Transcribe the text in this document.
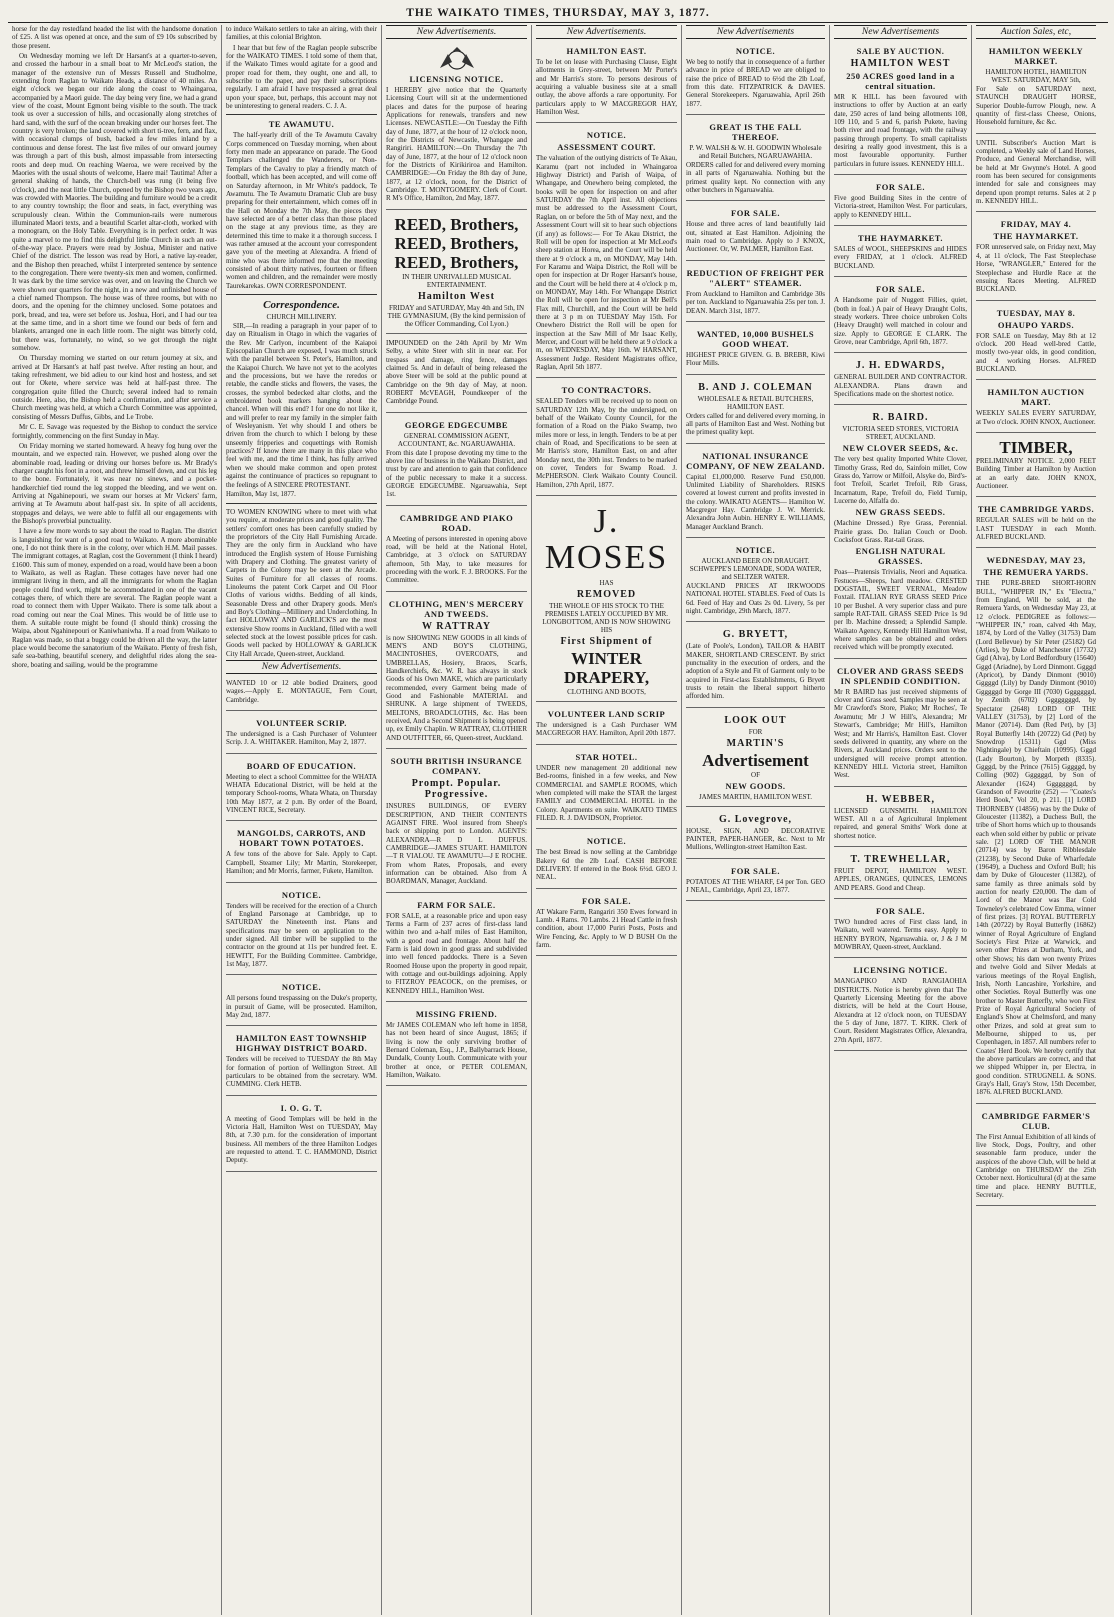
THE WAIKATO TIMES, THURSDAY, MAY 3, 1877.

horse for the day restedfand headed the list with the handsome donation of £25. A list was opened at once, and the sum of £9 10s subscribed by those present.

On Wednesday morning we left Dr Harsant's at a quarter-to-seven, and crossed the harbour in a small boat to Mr McLeod's station, the manager of the extensive run of Messrs Russell and Studholme, extending from Raglan to Waikato Heads, a distance of 40 miles. An eight o'clock we began our ride along the coast to Whaingaroa, accompanied by a Maori guide. The day being very fine, we had a grand view of the coast, Mount Egmont being visible to the south. The track took us over a succession of hills, and occasionally along stretches of hard sand, with the surf of the ocean breaking under our horses feet. The country is very broken; the land covered with short ti-tree, fern, and flax, with occasional clumps of bush, backed a few miles inland by a continuous and dense forest. The last five miles of our onward journey was through a part of this bush, almost impassable from intersecting roots and deep mud. On reaching Waeroa, we were received by the Maories with the usual shouts of welcome, Haere mai! Tautima! After a general shaking of hands, the Church-bell was rung (it being five o'clock), and the neat little Church, opened by the Bishop two years ago, was crowded with Maories. The building and furniture would be a credit to any country township; the floor and seats, in fact, everything was scrupulously clean. Within the Communion-rails were numerous illuminated Maori texts, and a beautiful Scarlet altar-cloth, worked with a monogram, on the Holy Table. Everything is in perfect order. It was quite a marvel to me to find this delightful little Church in such an out-of-the-way place. Prayers were read by Joshua, Minister and native Chief of the district. The lesson was read by Hori, a native lay-reader, and the Bishop then preached, whilst I interpreted sentence by sentence to the congregation. There were twenty-six men and women, confirmed. It was dark by the time service was over, and on leaving the Church we were shown our quarters for the night, in a new and unfinished house of a chief named Thompson. The house was of three rooms, but with no doors, and the opening for the chimney unclosed. Some potatoes and pork, bread, and tea, were set before us. Joshua, Hori, and I had our tea at the same time, and in a short time we found our beds of fern and blankets, arranged one in each little room. The night was bitterly cold, but there was, fortunately, no wind, so we got through the night somehow.

On Thursday morning we started on our return journey at six, and arrived at Dr Harsant's at half past twelve. After resting an hour, and taking refreshment, we bid adieu to our kind host and hostess, and set out for Okete, where service was held at half-past three. The congregation quite filled the Church; several indeed had to remain outside. Here, also, the Bishop held a confirmation, and after service a Church meeting was held, at which a Church Committee was appointed, consisting of Messrs Duffus, Gibbs, and Le Trobe.

Mr C. E. Savage was requested by the Bishop to conduct the service fortnightly, commencing on the first Sunday in May.

On Friday morning we started homeward. A heavy fog hung over the mountain, and we expected rain. However, we pushed along over the abominable road, leading or driving our horses before us. Mr Brady's charger caught his foot in a root, and threw himself down, and cut his leg to the bone. Fortunately, it was near no sinews, and a pocket-handkerchief tied round the leg stopped the bleeding, and we went on. Arriving at Ngahinepouri, we swam our horses at Mr Vickers' farm, arriving at Te Awamutu about half-past six. In spite of all accidents, stoppages and delays, we were able to fulfil all our engagements with the Bishop's proverbial punctuality.

I have a few more words to say about the road to Raglan. The district is languishing for want of a good road to Waikato. A more abominable one, I do not think there is in the colony, over which H.M. Mail passes. The immigrant cottages, at Raglan, cost the Government (I think I heard) £1600. This sum of money, expended on a road, would have been a boon to Waikato, as well as Raglan. These cottages have never had one immigrant living in them, and all the immigrants for whom the Raglan people could find work, might be accommodated in one of the vacant cottages there, of which there are several. The Raglan people want a road to connect them with Upper Waikato. There is some talk about a road coming out near the Coal Mines. This would be of little use to them. A suitable route might be found (I should think) crossing the Waipa, about Ngahinepouri or Kaniwhaniwha. If a road from Waikato to Raglan was made, so that a buggy could be driven all the way, the latter place would become the sanatorium of the Waikato. Plenty of fresh fish, safe sea-bathing, beautiful scenery, and delightful rides along the sea-shore, boating and sailing, would be the programme

to induce Waikato settlers to take an airing, with their families, at this colonial Brighton.

I hear that but few of the Raglan people subscribe for the WAIKATO TIMES. I told some of them that, if the Waikato Times would agitate for a good and proper road for them, they ought, one and all, to subscribe to the paper, and pay their subscriptions regularly. I am afraid I have trespassed a great deal upon your space, but, perhaps, this account may not be uninteresting to general readers. C. J. A.

TE AWAMUTU.

The half-yearly drill of the Te Awamutu Cavalry Corps commenced on Tuesday morning, when about forty men made an appearance on parade. The Good Templars challenged the Wanderers, or Non-Templars of the Cavalry to play a friendly match of football, which has been accepted, and will come off on Saturday afternoon, in Mr White's paddock, Te Awamutu. The Te Awamutu Dramatic Club are busy preparing for their entertainment, which comes off in the Hall on Monday the 7th May, the pieces they have selected are of a better class than those placed on the stage at any previous time, as they are determined this time to make it a thorough success. I was rather amused at the account your correspondent gave you of the meeting at Alexandra. A friend of mine who was there informed me that the meeting consisted of about thirty natives, fourteen or fifteen women and children, and the remainder were mostly Taurekarekas. OWN CORRESPONDENT.

Correspondence.
CHURCH MILLINERY.

SIR,—In reading a paragraph in your paper of to day on Ritualism in Otago in which the vagaries of the Rev. Mr Carlyon, incumbent of the Kaiapoi Episcopalian Church are exposed, I was much struck with the parallel between St. Peter's, Hamilton, and the Kaiapoi Church. We have not yet to the acolytes and the processions, but we have the reredos or retable, the candle sticks and flowers, the vases, the crosses, the symbol bedecked altar cloths, and the embroidered book markers hanging about the chancel. When will this end? I for one do not like it, and will prefer to rear my family in the simpler faith of Wesleyanism. Yet why should I and others be driven from the church to which I belong by these unseemly fripperies and coquettings with Romish practices? If know there are many in this place who feel with me, and the time I think, has fully arrived when we should make common and open protest against the continuance of practices so repugnant to the feelings of A SINCERE PROTESTANT.

Hamilton, May 1st, 1877.

TO WOMEN KNOWING where to meet with what you require, at moderate prices and good quality. The settlers' comfort ones has been carefully studied by the proprietors of the City Hall Furnishing Arcade. They are the only firm in Auckland who have introduced the English system of House Furnishing with Drapery and Clothing. The greatest variety of Carpets in the Colony may be seen at the Arcade. Suites of Furniture for all classes of rooms. Linoleums the patent Cork Carpet and Oil Floor Cloths of various widths. Bedding of all kinds, Seasonable Dress and other Drapery goods. Men's and Boy's Clothing—Millinery and Underclothing. In fact HOLLOWAY AND GARLICK'S are the most extensive Show rooms in Auckland, filled with a well selected stock at the lowest possible prices for cash. Goods well packed by HOLLOWAY & GARLICK City Hall Arcade, Queen-street, Auckland.

New Advertisements.

WANTED 10 or 12 able bodied Drainers, good wages.—Apply E. MONTAGUE, Fern Court, Cambridge.

VOLUNTEER SCRIP.

The undersigned is a Cash Purchaser of Volunteer Scrip. J. A. WHITAKER. Hamilton, May 2, 1877.

BOARD OF EDUCATION.

Meeting to elect a school Committee for the WHATA WHATA Educational District, will be held at the temporary School-rooms, Whata Whata, on Thursday 10th May 1877, at 2 p.m. By order of the Board, VINCENT RICE, Secretary.

MANGOLDS, CARROTS, AND HOBART TOWN POTATOES.

A few tons of the above for Sale. Apply to Capt. Campbell, Steamer Lily; Mr Martin, Storekeeper, Hamilton; and Mr Morris, farmer, Fukete, Hamilton.

NOTICE.

Tenders will be received for the erection of a Church of England Parsonage at Cambridge, up to SATURDAY the Nineteenth inst. Plans and specifications may be seen on application to the under signed. All timber will be supplied to the contractor on the ground at 11s per hundred feet. E. HEWITT, For the Building Committee. Cambridge, 1st May, 1877.

NOTICE.

All persons found trespassing on the Duke's property, in pursuit of Game, will be prosecuted. Hamilton, May 2nd, 1877.

HAMILTON EAST TOWNSHIP HIGHWAY DISTRICT BOARD.

Tenders will be received to TUESDAY the 8th May for formation of portion of Wellington Street. All particulars to be obtained from the secretary. WM. CUMMING. Clerk HETB.

I. O. G. T.

A meeting of Good Templars will be held in the Victoria Hall, Hamilton West on TUESDAY, May 8th, at 7.30 p.m. for the consideration of important business. All members of the three Hamilton Lodges are requested to attend. T. C. HAMMOND, District Deputy.

New Advertisements.
LICENSING NOTICE.

I HEREBY give notice that the Quarterly Licensing Court will sit at the undermentioned places and dates for the purpose of hearing Applications for renewals, transfers and new Licenses. NEWCASTLE:—On Tuesday the Fifth day of June, 1877, at the hour of 12 o'clock noon, for the Districts of Newcastle, Whangape and Rangiriri. HAMILTON:—On Thursday the 7th day of June, 1877, at the hour of 12 o'clock noon for the Districts of Kirikiriroa and Hamilton. CAMBRIDGE:—On Friday the 8th day of June, 1877, at 12 o'clock, noon, for the District of Cambridge. T. MONTGOMERY. Clerk of Court. R M's Office, Hamilton, 2nd May, 1877.

REED, Brothers,
REED, Brothers,
REED, Brothers,
IN THEIR UNRIVALLED MUSICAL ENTERTAINMENT.
Hamilton West
FRIDAY and SATURDAY, May 4th and 5th, IN THE GYMNASIUM, (By the kind permission of the Officer Commanding, Col Lyon.)

IMPOUNDED on the 24th April by Mr Wm Selby, a white Steer with slit in near ear. For trespass and damage, ring fence, damages claimed 5s. And in default of being released the above Steer will be sold at the public pound at Cambridge on the 9th day of May, at noon. ROBERT McVEAGH, Poundkeeper of the Cambridge Pound.

GEORGE EDGECUMBE
GENERAL COMMISSION AGENT, ACCOUNTANT, &c. NGARUAWAHIA.

From this date I propose devoting my time to the above line of business in the Waikato District, and trust by care and attention to gain that confidence of the public necessary to make it a success. GEORGE EDGECUMBE. Ngaruawahia, Sept 1st.

CAMBRIDGE AND PIAKO ROAD.

A Meeting of persons interested in opening above road, will be held at the National Hotel, Cambridge, at 3 o'clock on SATURDAY afternoon, 5th May, to take measures for proceeding with the work. F. J. BROOKS. For the Committee.

CLOTHING, MEN'S MERCERY AND TWEEDS.
W RATTRAY

is now SHOWING NEW GOODS in all kinds of MEN'S AND BOY'S CLOTHING, MACINTOSHES, OVERCOATS, and UMBRELLAS, Hosiery, Braces, Scarfs, Handkerchiefs, &c. W. R. has always in stock Goods of his Own MAKE, which are particularly recommended, every Garment being made of Good and Fashionable MATERIAL and SHRUNK. A large shipment of TWEEDS, MELTONS, BROADCLOTHS, &c. Has been received, And a Second Shipment is being opened up, ex Emily Chaplin. W RATTRAY, CLOTHIER AND OUTFITTER, 66, Queen-street, Auckland.

SOUTH BRITISH INSURANCE COMPANY.
Prompt. Popular. Progressive.

INSURES BUILDINGS, OF EVERY DESCRIPTION, AND THEIR CONTENTS AGAINST FIRE. Wool insured from Sheep's back or shipping port to London. AGENTS: ALEXANDRA—R D L DUFFUS. CAMBRIDGE—JAMES STUART. HAMILTON—T R VIALOU. TE AWAMUTU—J E ROCHE. From whom Rates, Proposals, and every information can be obtained. Also from A BOARDMAN, Manager, Auckland.

FARM FOR SALE.

FOR SALE, at a reasonable price and upon easy Terms a Farm of 237 acres of first-class land within two and a-half miles of East Hamilton, with a good road and frontage. About half the Farm is laid down in good grass and subdivided into well fenced paddocks. There is a Seven Roomed House upon the property in good repair, with cottage and out-buildings adjoining. Apply to FITZROY PEACOCK, on the premises, or KENNEDY HILL, Hamilton West.

MISSING FRIEND.

Mr JAMES COLEMAN who left home in 1858, has not been heard of since August, 1865; if living is now the only surviving brother of Bernard Coleman, Esq., J.P., Ballybarrack House, Dundalk, County Louth. Communicate with your brother at once, or PETER COLEMAN, Hamilton, Waikato.

New Advertisements.
HAMILTON EAST.

To be let on lease with Purchasing Clause, Eight allotments in Grey-street, between Mr Porter's and Mr Harris's store. To persons desirous of acquiring a valuable business site at a small outlay, the above affords a rare opportunity. For particulars apply to W MACGREGOR HAY, Hamilton West.

NOTICE.
ASSESSMENT COURT.

The valuation of the outlying districts of Te Akau, Karamu (part not included in Whaingaroa Highway District) and Parish of Waipa, of Whangape, and Onewhero being completed, the books will be open for inspection on and after SATURDAY the 7th April inst. All objections must be addressed to the Assessment Court, Raglan, on or before the 5th of May next, and the Assessment Court will sit to hear such objections (if any) as follows:— For Te Akau District, the Roll will be open for inspection at Mr McLeod's sheep station at Horea, and the Court will be held there at 9 o'clock a m, on MONDAY, May 14th. For Karamu and Waipa District, the Roll will be open for inspection at Dr Roger Harsant's house, and the Court will be held there at 4 o'clock p m, on MONDAY, May 14th. For Whangape District the Roll will be open for inspection at Mr Bell's Flax mill, Churchill, and the Court will be held there at 3 p m on TUESDAY May 15th. For Onewhero District the Roll will be open for inspection at the Saw Mill of Mr Isaac Kelly, Mercer, and Court will be held there at 9 o'clock a m, on WEDNESDAY, May 16th. W HARSANT, Assessment Judge. Resident Magistrates office, Raglan, April 5th 1877.

TO CONTRACTORS.

SEALED Tenders will be received up to noon on SATURDAY 12th May, by the undersigned, on behalf of the Waikato County Council, for the formation of a Road on the Piako Swamp, two miles more or less, in length. Tenders to be at per chain of Road, and Specifications to be seen at Mr Harris's store, Hamilton East, on and after Monday next, the 30th inst. Tenders to be marked on cover, Tenders for Swamp Road. J. McPHERSON. Clerk Waikato County Council. Hamilton, 27th April, 1877.

J. MOSES
HAS
REMOVED
THE WHOLE OF HIS STOCK TO THE PREMISES LATELY OCCUPIED BY MR. LONGBOTTOM, AND IS NOW SHOWING HIS
First Shipment of
WINTER DRAPERY,
CLOTHING AND BOOTS,
VOLUNTEER LAND SCRIP

The undersigned is a Cash Purchaser WM MACGREGOR HAY. Hamilton, April 20th 1877.

STAR HOTEL.

UNDER new management 20 additional new Bed-rooms, finished in a few weeks, and New COMMERCIAL and SAMPLE ROOMS, which when completed will make the STAR the largest FAMILY and COMMERCIAL HOTEL in the Colony. Apartments en suite. WAIKATO TIMES FILED. R. J. DAVIDSON, Proprietor.

NOTICE.

The best Bread is now selling at the Cambridge Bakery 6d the 2lb Loaf. CASH BEFORE DELIVERY. If entered in the Book 6½d. GEO J. NEAL.

FOR SALE.

AT Wakare Farm, Rangariri 350 Ewes forward in Lamb. 4 Rams. 70 Lambs. 21 Head Cattle in fresh condition, about 17,000 Puriri Posts, Posts and Wire Fencing, &c. Apply to W D BUSH On the farm.

New Advertisements
NOTICE.

We beg to notify that in consequence of a further advance in price of BREAD we are obliged to raise the price of BREAD to 6½d the 2lb Loaf, from this date. FITZPATRICK & DAVIES. General Storekeepers. Ngaruawahia, April 26th 1877.

GREAT IS THE FALL THEREOF.
P. W. WALSH & W. H. GOODWIN Wholesale and Retail Butchers, NGARUAWAHIA.

ORDERS called for and delivered every morning in all parts of Ngaruawahia. Nothing but the primest quality kept. No connection with any other butchers in Ngaruawahia.

FOR SALE.

House and three acres of land beautifully laid out, situated at East Hamilton. Adjoining the main road to Cambridge. Apply to J KNOX, Auctioneer. Or, W. PALMER, Hamilton East.

REDUCTION OF FREIGHT PER "ALERT" STEAMER.

From Auckland to Hamilton and Cambridge 30s per ton. Auckland to Ngaruawahia 25s per ton. J. DEAN. March 31st, 1877.

WANTED, 10,000 BUSHELS GOOD WHEAT.

HIGHEST PRICE GIVEN. G. B. BREBR, Kiwi Flour Mills.

B. AND J. COLEMAN
WHOLESALE & RETAIL BUTCHERS, HAMILTON EAST.

Orders called for and delivered every morning, in all parts of Hamilton East and West. Nothing but the primest quality kept.

NATIONAL INSURANCE COMPANY, OF NEW ZEALAND.

Capital £1,000,000. Reserve Fund £50,000. Unlimited Liability of Shareholders. RISKS covered at lowest current and profits invested in the colony. WAIKATO AGENTS— Hamilton W. Macgregor Hay. Cambridge J. W. Merrick. Alexandra John Aubin. HENRY E. WILLIAMS, Manager Auckland Branch.

NOTICE.
AUCKLAND BEER ON DRAUGHT. SCHWEPPE'S LEMONADE, SODA WATER, and SELTZER WATER.

AUCKLAND PRICES AT IRKWOODS NATIONAL HOTEL STABLES. Feed of Oats 1s 6d. Feed of Hay and Oats 2s 0d. Livery, 5s per night. Cambridge, 29th March, 1877.

G. BRYETT,

(Late of Poole's, London), TAILOR & HABIT MAKER, SHORTLAND CRESCENT. By strict punctuality in the execution of orders, and the adoption of a Style and Fit of Garment only to be acquired in First-class Establishments, G Bryett trusts to retain the liberal support hitherto afforded him.

LOOK OUT
FOR
MARTIN'S
Advertisement
OF
NEW GOODS.
JAMES MARTIN, HAMILTON WEST.
G. Lovegrove,

HOUSE, SIGN, AND DECORATIVE PAINTER, PAPER-HANGER, &c. Next to Mr Mullions, Wellington-street Hamilton East.

FOR SALE.

POTATOES AT THE WHARF, £4 per Ton. GEO J NEAL, Cambridge, April 23, 1877.

New Advertisements
SALE BY AUCTION.
HAMILTON WEST
250 ACRES good land in a central situation.

MR K HILL has been favoured with instructions to offer by Auction at an early date, 250 acres of land being allotments 108, 109 110, and 5 and 6, parish Pukete, having both river and road frontage, with the railway passing through property. To small capitalists desiring a really good investment, this is a most favourable opportunity. Further particulars in future issues. KENNEDY HILL.

FOR SALE.

Five good Building Sites in the centre of Victoria-street, Hamilton West. For particulars, apply to KENNEDY HILL.

THE HAYMARKET.

SALES of WOOL, SHEEPSKINS and HIDES every FRIDAY, at 1 o'clock. ALFRED BUCKLAND.

FOR SALE.

A Handsome pair of Nuggett Fillies, quiet, (both in foal.) A pair of Heavy Draught Colts, steady workers. Three choice unbroken Colts (Heavy Draught) well matched in colour and size. Apply to GEORGE E CLARK. The Grove, near Cambridge, April 6th, 1877.

J. H. EDWARDS,

GENERAL BUILDER AND CONTRACTOR. ALEXANDRA. Plans drawn and Specifications made on the shortest notice.

R. BAIRD.
VICTORIA SEED STORES, VICTORIA STREET, AUCKLAND.
NEW CLOVER SEEDS, &c.

The very best quality Imported White Clover, Timothy Grass, Red do, Sainfoin millet, Cow Grass do, Yarrow or Milfoil, Alsyke do, Bird's-foot Trefoil, Scarlet Trefoil, Rib Grass, Incarnatum, Rape, Trefoil do, Field Turnip, Lucerne do, Alfalfa do.

NEW GRASS SEEDS.

(Machine Dressed.) Rye Grass, Perennial. Prairie grass. Do. Italian Couch or Doob. Cocksfoot Grass. Rat-tail Grass.

ENGLISH NATURAL GRASSES.

Poas—Pratensis Trivialis, Neori and Aquatica. Festuces—Sheeps, hard meadow. CRESTED DOGSTAIL, SWEET VERNAL, Meadow Foxtail. ITALIAN RYE GRASS SEED Price 10 per Bushel. A very superior class and pure sample RAT-TAIL GRASS SEED Price 1s 9d per lb. Machine dressed; a Splendid Sample. Waikato Agency, Kennedy Hill Hamilton West, where samples can be obtained and orders received which will be promptly executed.

CLOVER AND GRASS SEEDS IN SPLENDID CONDITION.

Mr R BAIRD has just received shipments of clover and Grass seed. Samples may be seen at Mr Crawford's Store, Piako; Mr Roches', Te Awamutu; Mr J W Hill's, Alexandra; Mr Stewart's, Cambridge; Mr Hill's, Hamilton West; and Mr Harris's, Hamilton East. Clover seeds delivered in quantity, any where on the Rivers, at Auckland prices. Orders sent to the undersigned will receive prompt attention. KENNEDY HILL Victoria street, Hamilton West.

H. WEBBER,

LICENSED GUNSMITH. HAMILTON WEST. All n a of Agricultural Implement repaired, and general Smiths' Work done at shortest notice.

T. TREWHELLAR,

FRUIT DEPOT, HAMILTON WEST. APPLES, ORANGES, QUINCES, LEMONS AND PEARS. Good and Cheap.

FOR SALE.

TWO hundred acres of First class land, in Waikato, well watered. Terms easy. Apply to HENRY BYRON, Ngaruawahia. or, J & J M MOWBRAY, Queen-street, Auckland.

LICENSING NOTICE.

MANGAPIKO AND RANGIAOHIA DISTRICTS. Notice is hereby given that The Quarterly Licensing Meeting for the above districts, will be held at the Court House, Alexandra at 12 o'clock noon, on TUESDAY the 5 day of June, 1877. T. KIRK. Clerk of Court. Resident Magistrates Office, Alexandra, 27th April, 1877.

Auction Sales, etc,
HAMILTON WEEKLY MARKET.
HAMILTON HOTEL, HAMILTON WEST. SATURDAY, MAY 5th,

For Sale on SATURDAY next, STAUNCH DRAUGHT HORSE, Superior Double-furrow Plough, new. A quantity of first-class Cheese, Onions, Household furniture, &c &c.

UNTIL Subscriber's Auction Mart is completed, a Weekly sale of Land Horses, Produce, and General Merchandise, will be held at Mr Gwynne's Hotel. A good room has been secured for consignments intended for sale and consignees may depend upon prompt returns. Sales at 2 p m. KENNEDY HILL.

FRIDAY, MAY 4.
THE HAYMARKET.

FOR unreserved sale, on Friday next, May 4, at 11 o'clock, The Fast Steeplechase Horse, "WRANGLER," Entered for the Steeplechase and Hurdle Race at the ensuing Races Meeting. ALFRED BUCKLAND.

TUESDAY, MAY 8.
OHAUPO YARDS.

FOR SALE on Tuesday, May 8th at 12 o'clock. 200 Head well-bred Cattle, mostly two-year olds, in good condition, and 4 working Horses. ALFRED BUCKLAND.

HAMILTON AUCTION MART.

WEEKLY SALES EVERY SATURDAY, at Two o'clock. JOHN KNOX, Auctioneer.

TIMBER,

PRELIMINARY NOTICE. 2,000 FEET Building Timber at Hamilton by Auction at an early date. JOHN KNOX, Auctioneer.

THE CAMBRIDGE YARDS.

REGULAR SALES will be held on the LAST TUESDAY in each Month. ALFRED BUCKLAND.

WEDNESDAY, MAY 23,
THE REMUERA YARDS.

THE PURE-BRED SHORT-HORN BULL, "WHIPPER IN," Ex "Electra," from England, Will be sold, at the Remuera Yards, on Wednesday May 23, at 12 o'clock. PEDIGREE as follows:— "WHIPPER IN," roan, calved 4th May, 1874, by Lord of the Valley (31753) Dam (Lord Bellevue) by Sir Peter (25182) Gd (Arlies), by Duke of Manchester (17732) Ggd (Alva), by Lord Bedfordbury (15640) Gggd (Ariadne), by Lord Dinmont. Ggggd (Apricot), by Dandy Dinmont (9010) Gggggd (Lily) by Dandy Dinmont (9010) Ggggggd by Gorge III (7030) Gggggggd, by Zenith (6702) Ggggggggd, by Spectator (2648) LORD OF THE VALLEY (31753), by [2] Lord of the Manor (20714). Dam (Red Pet), by [3] Royal Butterfly 14th (20722) Gd (Pet) by Snowdrop (15311) Ggd (Miss Nightingale) by Chieftain (10995). Gggd (Lady Bourton), by Morpeth (8335). Ggggd, by the Prince (7615) Gggggd, by Colling (902) Ggggggd, by Son of Alexander (1624) Gggggggd, by Grandson of Favourite (252) — "Coates's Herd Book," Vol 20, p 211. [1] LORD THORNEBY (14856) was by the Duke of Gloucester (11382), a Duchess Bull, the tribe of Short horns which up to thousands each when sold either by public or private sale. [2] LORD OF THE MANOR (20714) was by Baron Ribblesdale (21238), by Second Duke of Wharfedale (19649), a Duchess and Oxford Bull; his dam by Duke of Gloucester (11382), of same family as three animals sold by auction for nearly £20,000. The dam of Lord of the Manor was Bar Cold Towneley's celebrated Cow Emma, winner of first prizes. [3] ROYAL BUTTERFLY 14th (20722) by Royal Butterfly (16862) winner of Royal Agriculture of England Society's First Prize at Warwick, and seven other Prizes at Durham, York, and other Shows; his dam won twenty Prizes and twelve Gold and Silver Medals at various meetings of the Royal English, Irish, North Lancashire, Yorkshire, and other Societies. Royal Butterfly was one brother to Master Butterfly, who won First Prize of Royal Agricultural Society of England's Show at Chelmsford, and many other Prizes, and sold at great sum to Melbourne, shipped to us, per Copenhagen, in 1857. All numbers refer to Coates' Herd Book. We hereby certify that the above particulars are correct, and that we shipped Whipper in, per Electra, in good condition. STRUGNELL & SONS. Gray's Hall, Gray's Stow, 15th December, 1876. ALFRED BUCKLAND.

CAMBRIDGE FARMER'S CLUB.

The First Annual Exhibition of all kinds of live Stock, Dogs, Poultry, and other seasonable farm produce, under the auspices of the above Club, will be held at Cambridge on THURSDAY the 25th October next. Horticultural (d) at the same time and place. HENRY BUTTLE, Secretary.
